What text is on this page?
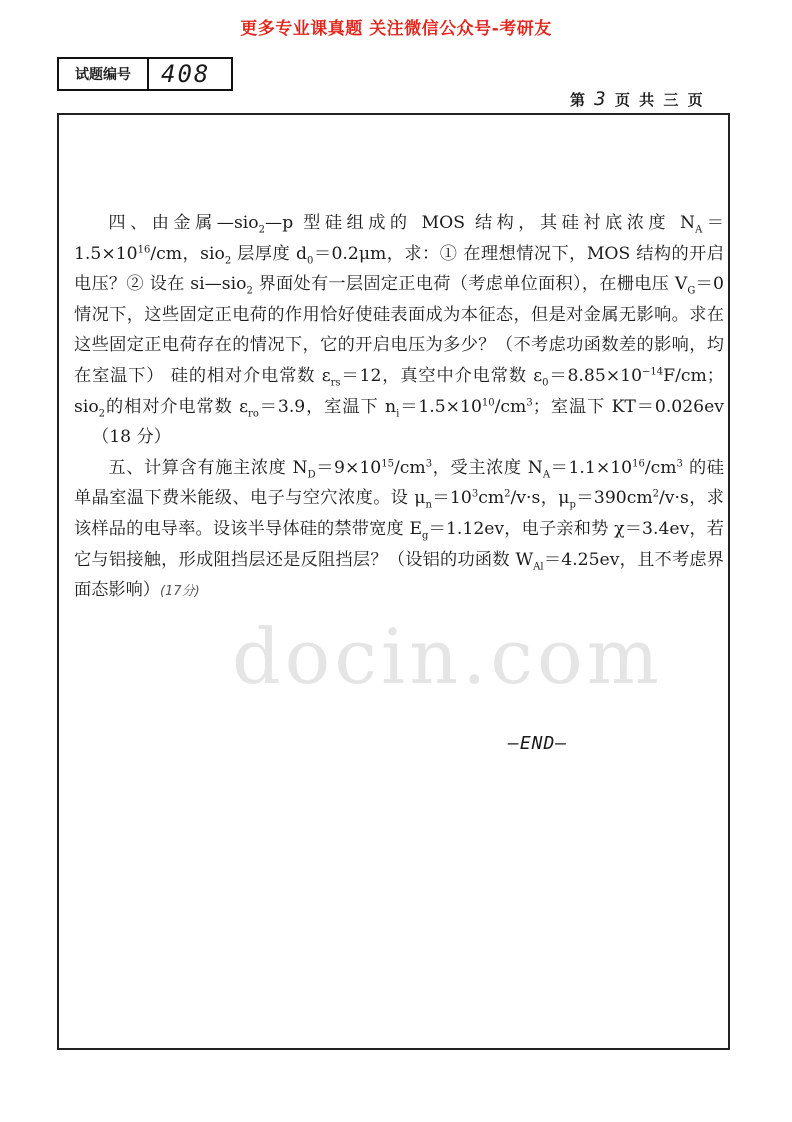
更多专业课真题 关注微信公众号-考研友
试题编号	408
第 3 页 共 三 页
docin.com

四、由金属—sio$_2$—p 型硅组成的 MOS 结构，其硅衬底浓度 $N_A=1.5\times 10^{16}/cm$，sio$_2$ 层厚度 $d_0=0.2\mu m$，求：① 在理想情况下，MOS 结构的开启电压？② 设在 si—sio$_2$ 界面处有一层固定正电荷（考虑单位面积），在栅电压 $V_G=0$ 情况下，这些固定正电荷的作用恰好使硅表面成为本征态，但是对金属无影响。求在这些固定正电荷存在的情况下，它的开启电压为多少？（不考虑功函数差的影响，均在室温下） 硅的相对介电常数 $\varepsilon_{rs}=12$，真空中介电常数 $\varepsilon_0=8.85\times 10^{-14}F/cm$；sio$_2$的相对介电常数 $\varepsilon_{ro}=3.9$，室温下 $n_i=1.5\times 10^{10}/cm^3$；室温下 KT＝0.026ev（18 分）

五、计算含有施主浓度 $N_D=9\times 10^{15}/cm^3$，受主浓度 $N_A=1.1\times 10^{16}/cm^3$ 的硅单晶室温下费米能级、电子与空穴浓度。设 $\mu_n=10^3cm^2/v\cdot s$，$\mu_p=390cm^2/v\cdot s$，求该样品的电导率。设该半导体硅的禁带宽度 $E_g=1.12ev$，电子亲和势 χ＝3.4ev，若它与铝接触，形成阻挡层还是反阻挡层？（设铝的功函数 $W_{Al}=4.25ev$，且不考虑界面态影响）(17分)

—END—
